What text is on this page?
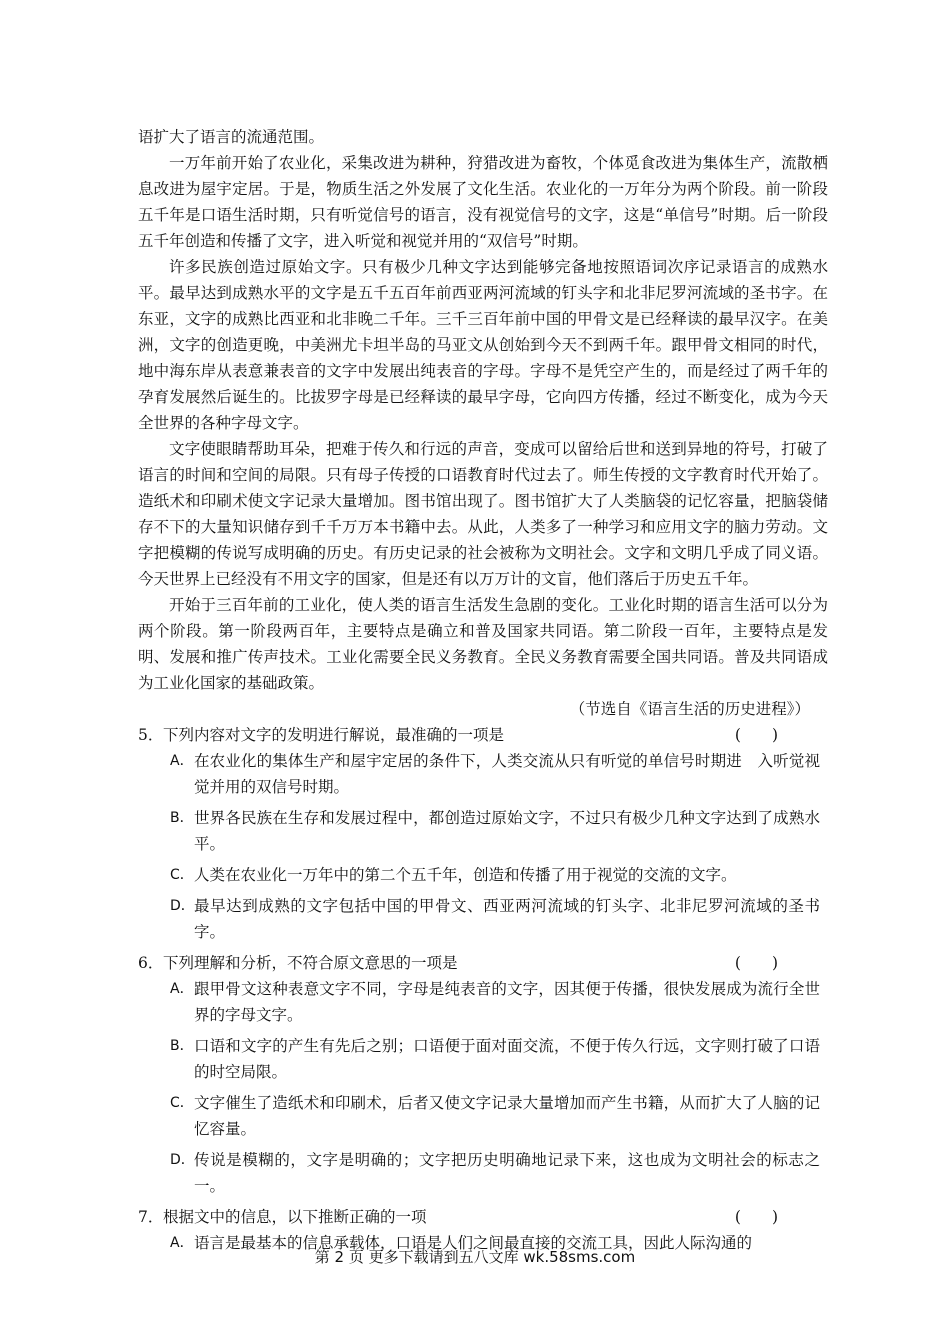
语扩大了语言的流通范围。

一万年前开始了农业化，采集改进为耕种，狩猎改进为畜牧，个体觅食改进为集体生产，流散栖息改进为屋宇定居。于是，物质生活之外发展了文化生活。农业化的一万年分为两个阶段。前一阶段五千年是口语生活时期，只有听觉信号的语言，没有视觉信号的文字，这是“单信号”时期。后一阶段五千年创造和传播了文字，进入听觉和视觉并用的“双信号”时期。

许多民族创造过原始文字。只有极少几种文字达到能够完备地按照语词次序记录语言的成熟水平。最早达到成熟水平的文字是五千五百年前西亚两河流域的钉头字和北非尼罗河流域的圣书字。在东亚，文字的成熟比西亚和北非晚二千年。三千三百年前中国的甲骨文是已经释读的最早汉字。在美洲，文字的创造更晚，中美洲尤卡坦半岛的马亚文从创始到今天不到两千年。跟甲骨文相同的时代，地中海东岸从表意兼表音的文字中发展出纯表音的字母。字母不是凭空产生的，而是经过了两千年的孕育发展然后诞生的。比拔罗字母是已经释读的最早字母，它向四方传播，经过不断变化，成为今天全世界的各种字母文字。

文字使眼睛帮助耳朵，把难于传久和行远的声音，变成可以留给后世和送到异地的符号，打破了语言的时间和空间的局限。只有母子传授的口语教育时代过去了。师生传授的文字教育时代开始了。造纸术和印刷术使文字记录大量增加。图书馆出现了。图书馆扩大了人类脑袋的记忆容量，把脑袋储存不下的大量知识储存到千千万万本书籍中去。从此，人类多了一种学习和应用文字的脑力劳动。文字把模糊的传说写成明确的历史。有历史记录的社会被称为文明社会。文字和文明几乎成了同义语。今天世界上已经没有不用文字的国家，但是还有以万万计的文盲，他们落后于历史五千年。

开始于三百年前的工业化，使人类的语言生活发生急剧的变化。工业化时期的语言生活可以分为两个阶段。第一阶段两百年，主要特点是确立和普及国家共同语。第二阶段一百年，主要特点是发明、发展和推广传声技术。工业化需要全民义务教育。全民义务教育需要全国共同语。普及共同语成为工业化国家的基础政策。

（节选自《语言生活的历史进程》）

5．下列内容对文字的发明进行解说，最准确的一项是	(　　)

A． 在农业化的集体生产和屋宇定居的条件下，人类交流从只有听觉的单信号时期进　入听觉视觉并用的双信号时期。

B． 世界各民族在生存和发展过程中，都创造过原始文字，不过只有极少几种文字达到了成熟水平。

C． 人类在农业化一万年中的第二个五千年，创造和传播了用于视觉的交流的文字。

D． 最早达到成熟的文字包括中国的甲骨文、西亚两河流域的钉头字、北非尼罗河流域的圣书字。

6．下列理解和分析，不符合原文意思的一项是	(　　)

A． 跟甲骨文这种表意文字不同，字母是纯表音的文字，因其便于传播，很快发展成为流行全世界的字母文字。

B． 口语和文字的产生有先后之别；口语便于面对面交流，不便于传久行远，文字则打破了口语的时空局限。

C． 文字催生了造纸术和印刷术，后者又使文字记录大量增加而产生书籍，从而扩大了人脑的记忆容量。

D． 传说是模糊的，文字是明确的；文字把历史明确地记录下来，这也成为文明社会的标志之一。

7．根据文中的信息，以下推断正确的一项	(　　)

A． 语言是最基本的信息承载体，口语是人们之间最直接的交流工具，因此人际沟通的

第 2 页 更多下载请到五八文库 wk.58sms.com
